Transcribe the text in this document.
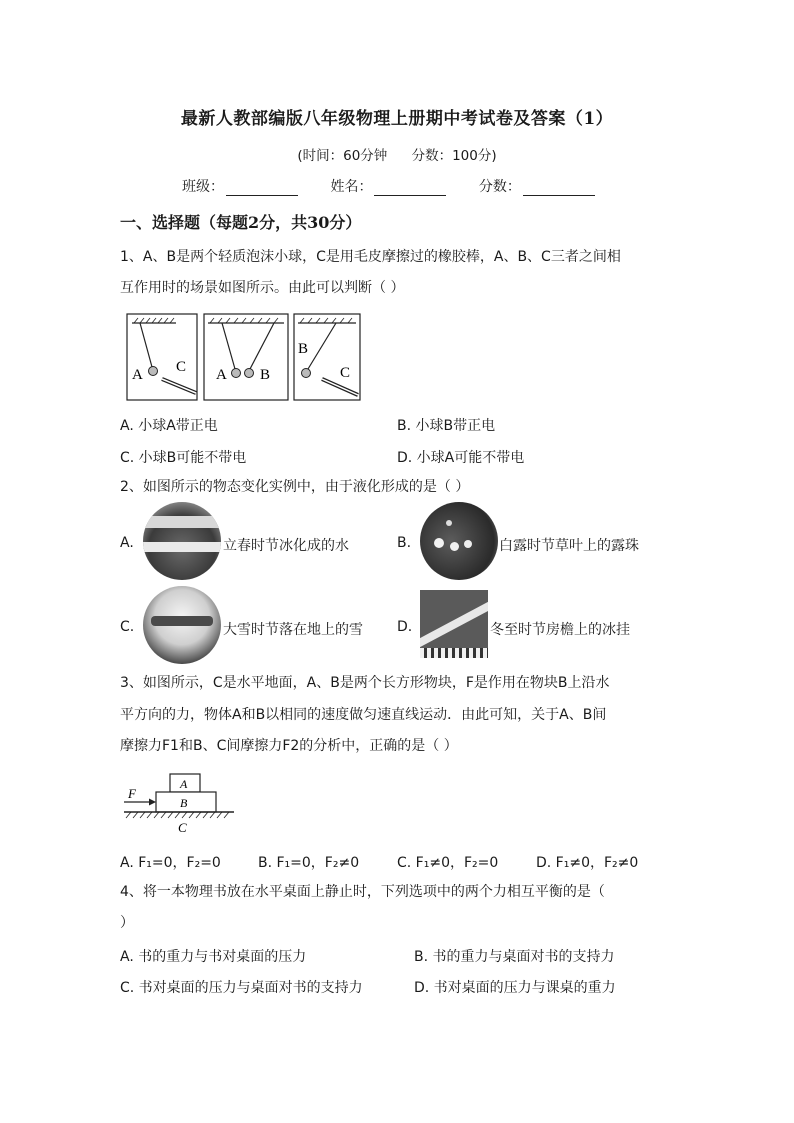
最新人教部编版八年级物理上册期中考试卷及答案（1）
(时间：60分钟 分数：100分)
班级：	姓名：	分数：
一、选择题（每题2分，共30分）
1、A、B是两个轻质泡沫小球，C是用毛皮摩擦过的橡胶棒，A、B、C三者之间相
互作用时的场景如图所示。由此可以判断（ ）
A C A B
B
C
A. 小球A带正电	B. 小球B带正电
C. 小球B可能不带电	D. 小球A可能不带电
2、如图所示的物态变化实例中，由于液化形成的是（ ）
A.	立春时节冰化成的水	B.	白露时节草叶上的露珠
C.	大雪时节落在地上的雪 D.	冬至时节房檐上的冰挂
3、如图所示，C是水平地面，A、B是两个长方形物块，F是作用在物块B上沿水
平方向的力，物体A和B以相同的速度做匀速直线运动．由此可知，关于A、B间
摩擦力F1和B、C间摩擦力F2的分析中，正确的是（ ）
F
A
B
C
A. F₁=0，F₂=0	B. F₁=0，F₂≠0	C. F₁≠0，F₂=0	D. F₁≠0，F₂≠0
4、将一本物理书放在水平桌面上静止时，下列选项中的两个力相互平衡的是（
）
A. 书的重力与书对桌面的压力	B. 书的重力与桌面对书的支持力
C. 书对桌面的压力与桌面对书的支持力	D. 书对桌面的压力与课桌的重力
